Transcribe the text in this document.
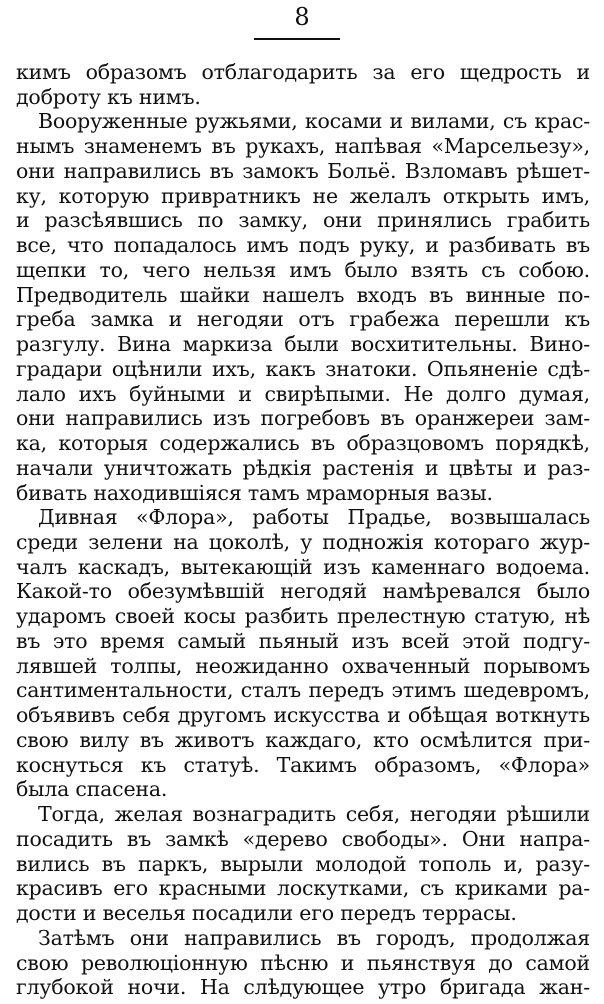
8
кимъ образомъ отблагодарить за его щедрость и
доброту къ нимъ.
Вооруженные ружьями, косами и вилами, съ крас-
нымъ знаменемъ въ рукахъ, напѣвая «Марсельезу»,
они направились въ замокъ Больё. Взломавъ рѣшет-
ку, которую привратникъ не желалъ открыть имъ,
и разсѣявшись по замку, они принялись грабить
все, что попадалось имъ подъ руку, и разбивать въ
щепки то, чего нельзя имъ было взять съ собою.
Предводитель шайки нашелъ входъ въ винные по-
греба замка и негодяи отъ грабежа перешли къ
разгулу. Вина маркиза были восхитительны. Вино-
градари оцѣнили ихъ, какъ знатоки. Опьяненіе сдѣ-
лало ихъ буйными и свирѣпыми. Не долго думая,
они направились изъ погребовъ въ оранжереи зам-
ка, которыя содержались въ образцовомъ порядкѣ,
начали уничтожать рѣдкія растенія и цвѣты и раз-
бивать находившіяся тамъ мраморныя вазы.
Дивная «Флора», работы Прадье, возвышалась
среди зелени на цоколѣ, у подножія котораго жур-
чалъ каскадъ, вытекающій изъ каменнаго водоема.
Какой-то обезумѣвшій негодяй намѣревался было
ударомъ своей косы разбить прелестную статую, нѣ
въ это время самый пьяный изъ всей этой подгу-
лявшей толпы, неожиданно охваченный порывомъ
сантиментальности, сталъ передъ этимъ шедевромъ,
объявивъ себя другомъ искусства и обѣщая воткнуть
свою вилу въ животъ каждаго, кто осмѣлится при-
коснуться къ статуѣ. Такимъ образомъ, «Флора»
была спасена.
Тогда, желая вознаградить себя, негодяи рѣшили
посадить въ замкѣ «дерево свободы». Они напра-
вились въ паркъ, вырыли молодой тополь и, разу-
красивъ его красными лоскутками, съ криками ра-
дости и веселья посадили его передъ террасы.
Затѣмъ они направились въ городъ, продолжая
свою революціонную пѣсню и пьянствуя до самой
глубокой ночи. На слѣдующее утро бригада жан-
